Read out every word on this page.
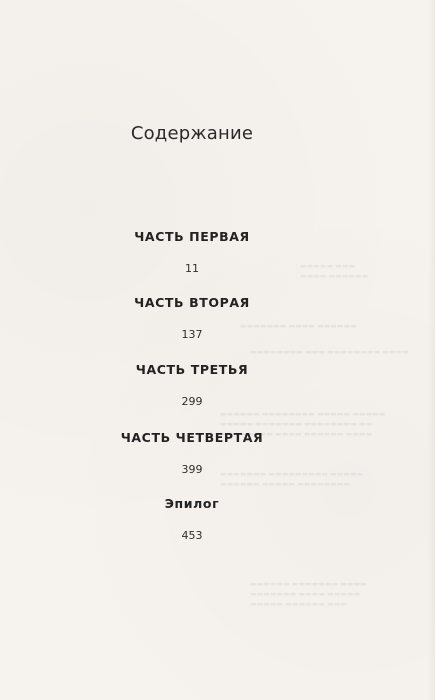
▬▬▬▬▬ ▬▬▬
▬▬▬▬ ▬▬▬▬▬▬
▬▬▬▬▬▬▬ ▬▬▬▬ ▬▬▬▬▬▬
▬▬▬▬▬▬▬▬ ▬▬▬ ▬▬▬▬▬▬▬▬ ▬▬▬▬
▬▬▬▬▬▬ ▬▬▬▬▬▬▬▬ ▬▬▬▬▬ ▬▬▬▬▬
▬▬▬▬▬ ▬▬▬▬▬▬▬ ▬▬▬▬▬▬▬▬ ▬▬
▬▬▬▬▬▬▬▬ ▬▬▬▬ ▬▬▬▬▬▬ ▬▬▬▬
▬▬▬▬▬▬▬ ▬▬▬▬▬▬▬▬▬ ▬▬▬▬▬
▬▬▬▬▬▬ ▬▬▬▬▬ ▬▬▬▬▬▬▬▬
▬▬▬▬▬▬ ▬▬▬▬▬▬▬ ▬▬▬▬
▬▬▬▬▬▬▬ ▬▬▬▬ ▬▬▬▬▬
▬▬▬▬▬ ▬▬▬▬▬▬ ▬▬▬
Содержание
ЧАСТЬ ПЕРВАЯ
11
ЧАСТЬ ВТОРАЯ
137
ЧАСТЬ ТРЕТЬЯ
299
ЧАСТЬ ЧЕТВЕРТАЯ
399
Эпилог
453
